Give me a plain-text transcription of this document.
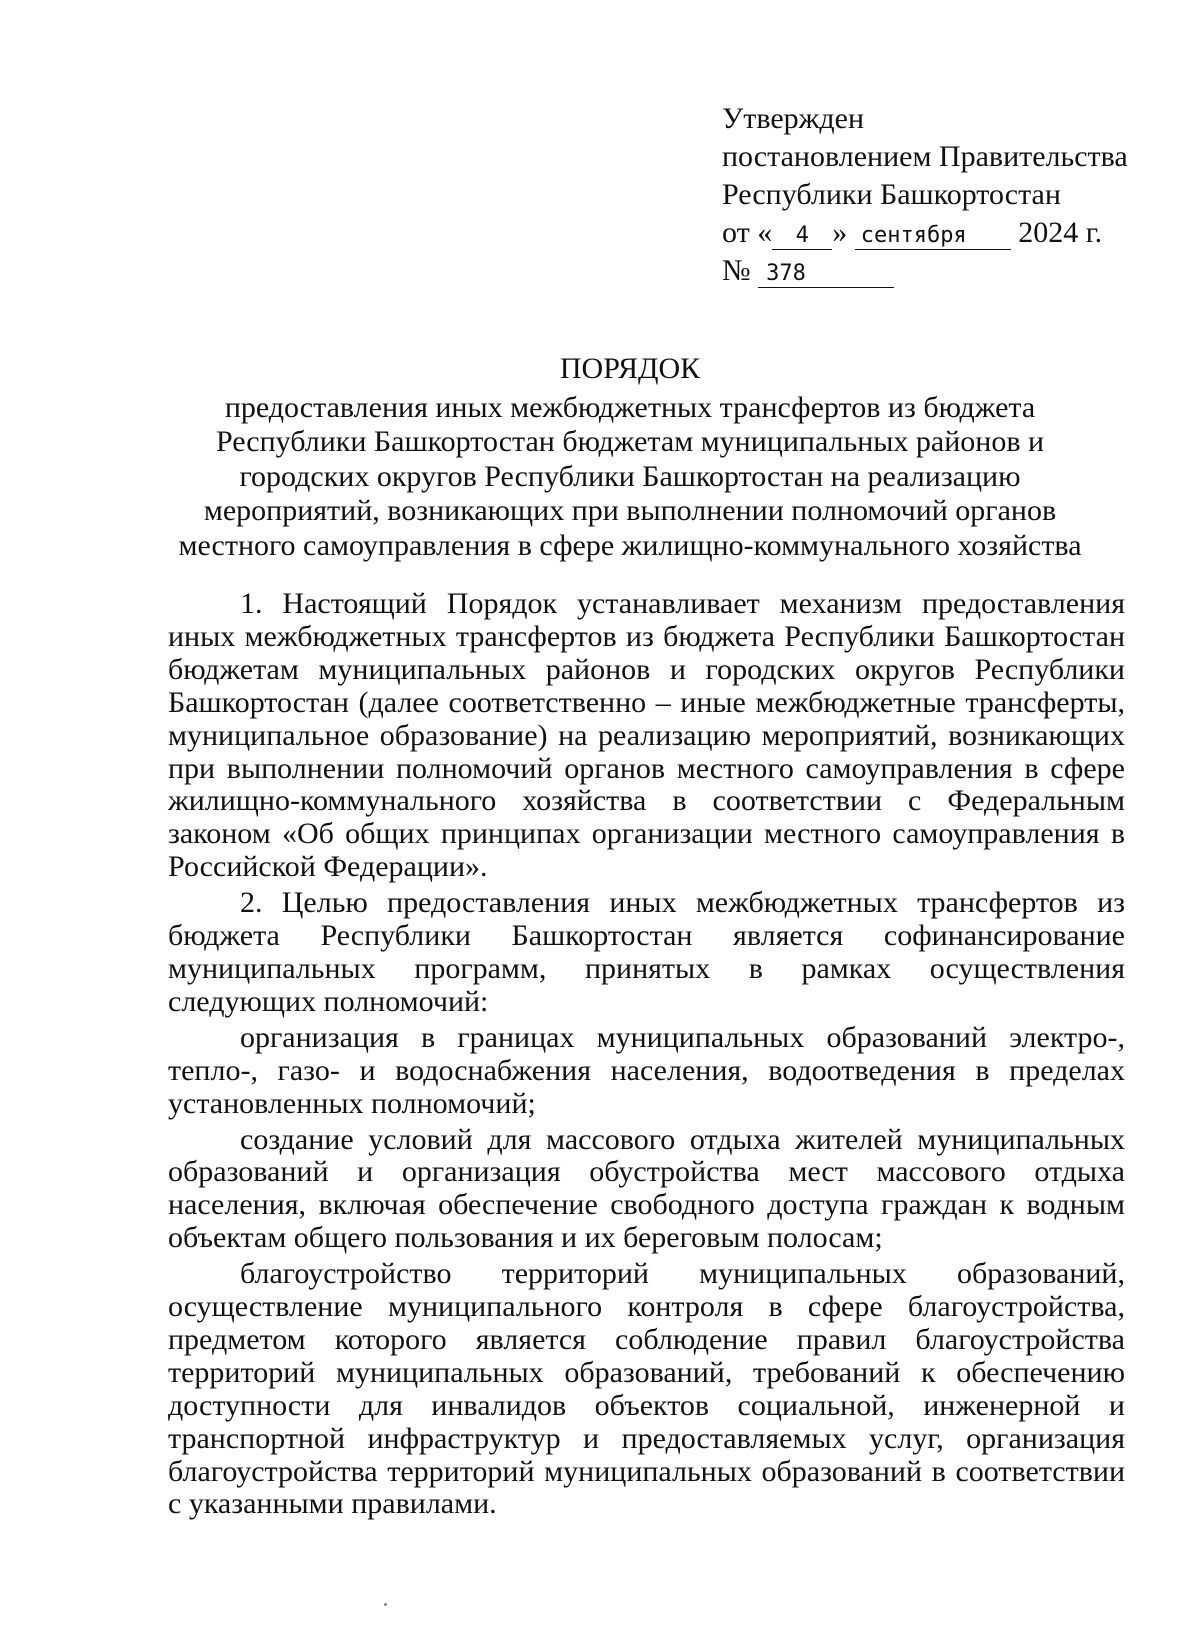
Утвержден
постановлением Правительства
Республики Башкортостан
от « 4 » сентября 2024 г.
№ 378
ПОРЯДОК
предоставления иных межбюджетных трансфертов из бюджета
Республики Башкортостан бюджетам муниципальных районов и
городских округов Республики Башкортостан на реализацию
мероприятий, возникающих при выполнении полномочий органов
местного самоуправления в сфере жилищно-коммунального хозяйства

1. Настоящий Порядок устанавливает механизм предоставления иных межбюджетных трансфертов из бюджета Республики Башкортостан бюджетам муниципальных районов и городских округов Республики Башкортостан (далее соответственно – иные межбюджетные трансферты, муниципальное образование) на реализацию мероприятий, возникающих при выполнении полномочий органов местного самоуправления в сфере жилищно-коммунального хозяйства в соответствии с Федеральным законом «Об общих принципах организации местного самоуправления в Российской Федерации».

2. Целью предоставления иных межбюджетных трансфертов из бюджета Республики Башкортостан является софинансирование муниципальных программ, принятых в рамках осуществления следующих полномочий:

организация в границах муниципальных образований электро-, тепло-, газо- и водоснабжения населения, водоотведения в пределах установленных полномочий;

создание условий для массового отдыха жителей муниципальных образований и организация обустройства мест массового отдыха населения, включая обеспечение свободного доступа граждан к водным объектам общего пользования и их береговым полосам;

благоустройство территорий муниципальных образований, осуществление муниципального контроля в сфере благоустройства, предметом которого является соблюдение правил благоустройства территорий муниципальных образований, требований к обеспечению доступности для инвалидов объектов социальной, инженерной и транспортной инфраструктур и предоставляемых услуг, организация благоустройства территорий муниципальных образований в соответствии с указанными правилами.
